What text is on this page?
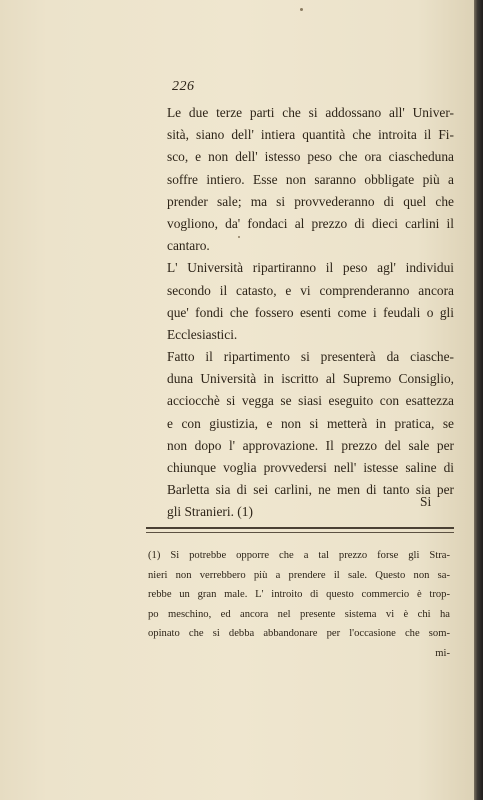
226
Le due terze parti che si addossano all' Univer-
sità, siano dell' intiera quantità che introita il Fi-
sco, e non dell' istesso peso che ora ciascheduna
soffre intiero. Esse non saranno obbligate più a
prender sale; ma si provvederanno di quel che
vogliono, da' fondaci al prezzo di dieci carlini il
cantaro.
L' Università ripartiranno il peso agl' individui
secondo il catasto, e vi comprenderanno ancora
que' fondi che fossero esenti come i feudali o gli
Ecclesiastici.
Fatto il ripartimento si presenterà da ciasche-
duna Università in iscritto al Supremo Consiglio,
acciocchè si vegga se siasi eseguito con esattezza
e con giustizia, e non si metterà in pratica, se
non dopo l' approvazione. Il prezzo del sale per
chiunque voglia provvedersi nell' istesse saline di
Barletta sia di sei carlini, ne men di tanto sia per
gli Stranieri. (1)
Si
(1) Si potrebbe opporre che a tal prezzo forse gli Stra-
nieri non verrebbero più a prendere il sale. Questo non sa-
rebbe un gran male. L' introito di questo commercio è trop-
po meschino, ed ancora nel presente sistema vi è chi ha
opinato che si debba abbandonare per l'occasione che som-
mi-
